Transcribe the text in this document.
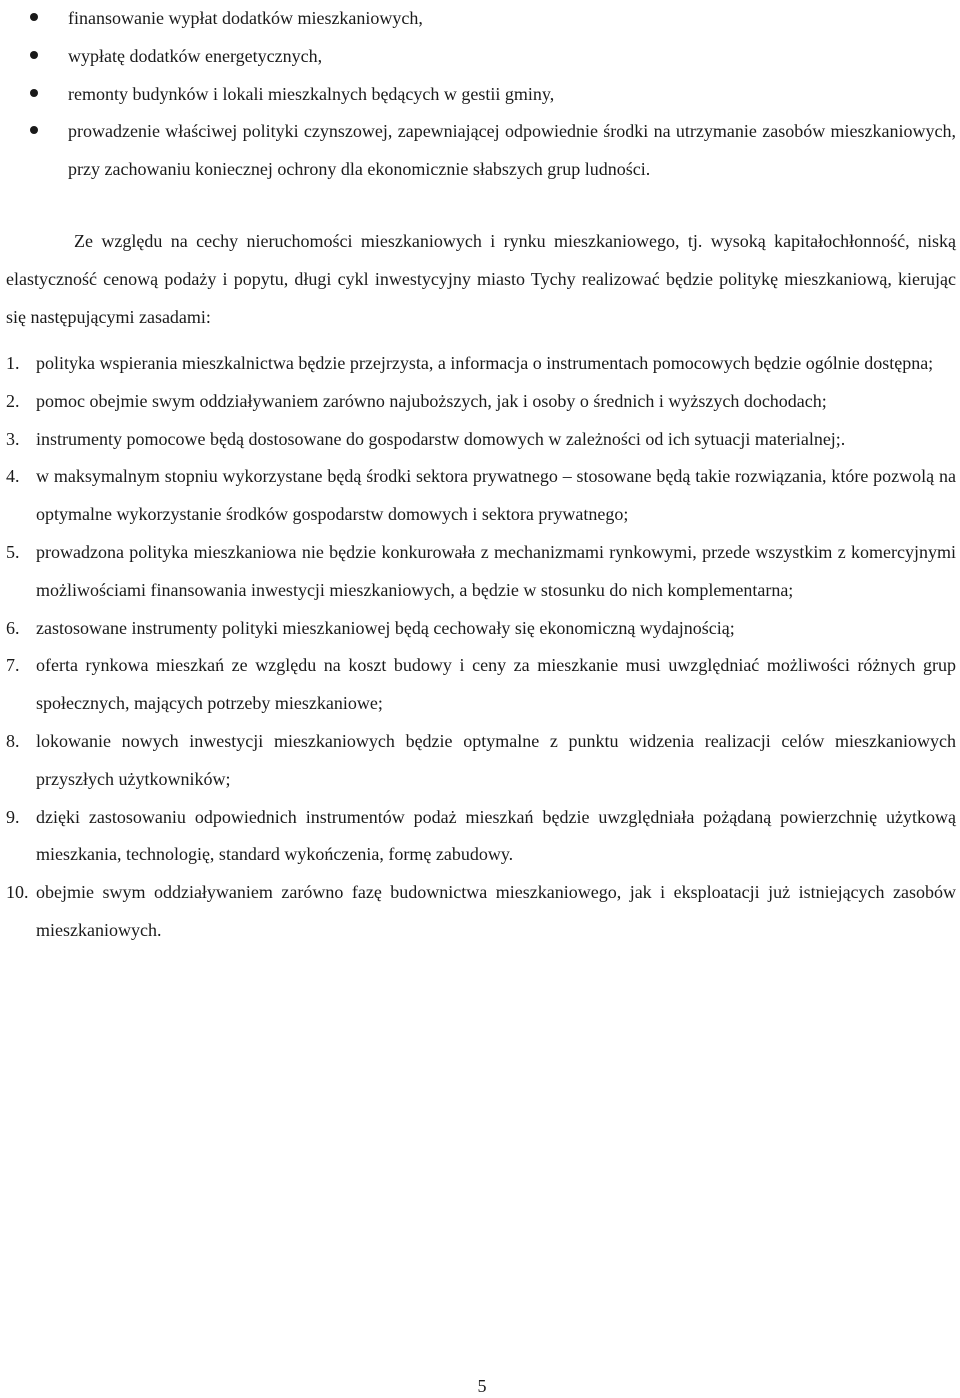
finansowanie wypłat dodatków mieszkaniowych,
wypłatę dodatków energetycznych,
remonty budynków i lokali mieszkalnych będących w gestii gminy,
prowadzenie właściwej polityki czynszowej, zapewniającej odpowiednie środki na utrzymanie zasobów mieszkaniowych, przy zachowaniu koniecznej ochrony dla ekonomicznie słabszych grup ludności.

Ze względu na cechy nieruchomości mieszkaniowych i rynku mieszkaniowego, tj. wysoką kapitałochłonność, niską elastyczność cenową podaży i popytu, długi cykl inwestycyjny miasto Tychy realizować będzie politykę mieszkaniową, kierując się następującymi zasadami:

1. polityka wspierania mieszkalnictwa będzie przejrzysta, a informacja o instrumentach pomocowych będzie ogólnie dostępna;
2. pomoc obejmie swym oddziaływaniem zarówno najuboższych, jak i osoby o średnich i wyższych dochodach;
3. instrumenty pomocowe będą dostosowane do gospodarstw domowych w zależności od ich sytuacji materialnej;.
4. w maksymalnym stopniu wykorzystane będą środki sektora prywatnego – stosowane będą takie rozwiązania, które pozwolą na optymalne wykorzystanie środków gospodarstw domowych i sektora prywatnego;
5. prowadzona polityka mieszkaniowa nie będzie konkurowała z mechanizmami rynkowymi, przede wszystkim z komercyjnymi możliwościami finansowania inwestycji mieszkaniowych, a będzie w stosunku do nich komplementarna;
6. zastosowane instrumenty polityki mieszkaniowej będą cechowały się ekonomiczną wydajnością;
7. oferta rynkowa mieszkań ze względu na koszt budowy i ceny za mieszkanie musi uwzględniać możliwości różnych grup społecznych, mających potrzeby mieszkaniowe;
8. lokowanie nowych inwestycji mieszkaniowych będzie optymalne z punktu widzenia realizacji celów mieszkaniowych przyszłych użytkowników;
9. dzięki zastosowaniu odpowiednich instrumentów podaż mieszkań będzie uwzględniała pożądaną powierzchnię użytkową mieszkania, technologię, standard wykończenia, formę zabudowy.
10. obejmie swym oddziaływaniem zarówno fazę budownictwa mieszkaniowego, jak i eksploatacji już istniejących zasobów mieszkaniowych.
5
